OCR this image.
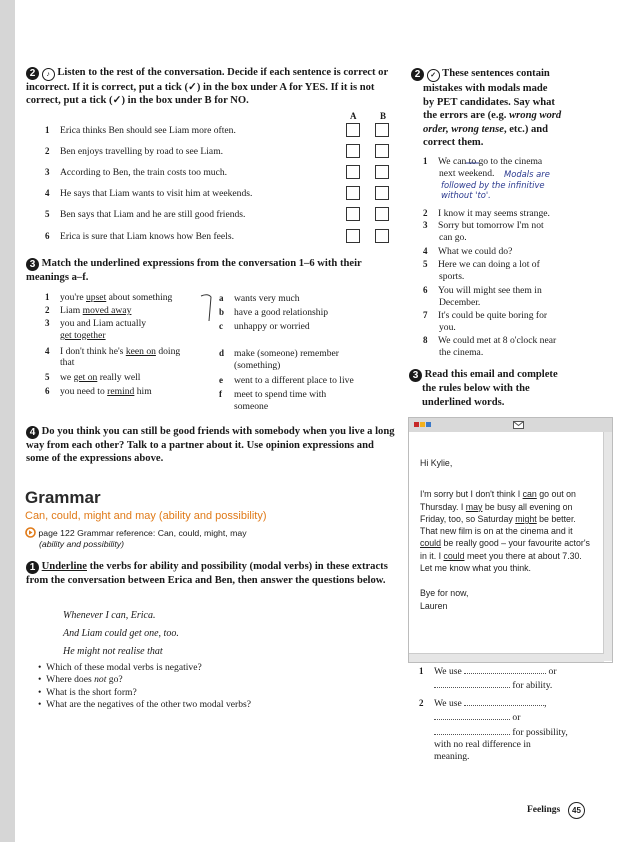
2 ♪ Listen to the rest of the conversation. Decide if each sentence is correct or incorrect. If it is correct, put a tick (✓) in the box under A for YES. If it is not correct, put a tick (✓) in the box under B for NO.
A	B
1 Erica thinks Ben should see Liam more often.
2 Ben enjoys travelling by road to see Liam.
3 According to Ben, the train costs too much.
4 He says that Liam wants to visit him at weekends.
5 Ben says that Liam and he are still good friends.
6 Erica is sure that Liam knows how Ben feels.
3 Match the underlined expressions from the conversation 1–6 with their meanings a–f.
1 you're upset about something
2 Liam moved away
3 you and Liam actually
get together
4 I don't think he's keen on doing
that
5 we get on really well
6 you need to remind him
a wants very much
b have a good relationship
c unhappy or worried
d make (someone) remember
(something)
e went to a different place to live
f meet to spend time with
someone
4 Do you think you can still be good friends with somebody when you live a long way from each other? Talk to a partner about it. Use opinion expressions and some of the expressions above.
Grammar
Can, could, might and may (ability and possibility)
page 122 Grammar reference: Can, could, might, may
(ability and possibility)
1 Underline the verbs for ability and possibility (modal verbs) in these extracts from the conversation between Erica and Ben, then answer the questions below.
Whenever I can, Erica.
And Liam could get one, too.
He might not realise that
•  Which of these modal verbs is negative?
•  Where does not go?
•  What is the short form?
•  What are the negatives of the other two modal verbs?
2 ✓ These sentences contain
mistakes with modals made
by PET candidates. Say what
the errors are (e.g. wrong word
order, wrong tense, etc.) and
correct them.
1 We can to go to the cinema
next weekend.
2 I know it may seems strange.
3 Sorry but tomorrow I'm not
can go.
4 What we could do?
5 Here we can doing a lot of
sports.
6 You will might see them in
December.
7 It's could be quite boring for
you.
8 We could met at 8 o'clock near
the cinema.
Modals are
followed by the infinitive
without 'to'.
3 Read this email and complete
the rules below with the
underlined words.
Hi Kylie,
I'm sorry but I don't think I can go out on
Thursday. I may be busy all evening on
Friday, too, so Saturday might be better.
That new film is on at the cinema and it
could be really good – your favourite actor's
in it. I could meet you there at about 7.30.
Let me know what you think.
Bye for now,
Lauren
1 We use	or
for ability.
2 We use	,
or
for possibility,
with no real difference in
meaning.
Feelings	45
